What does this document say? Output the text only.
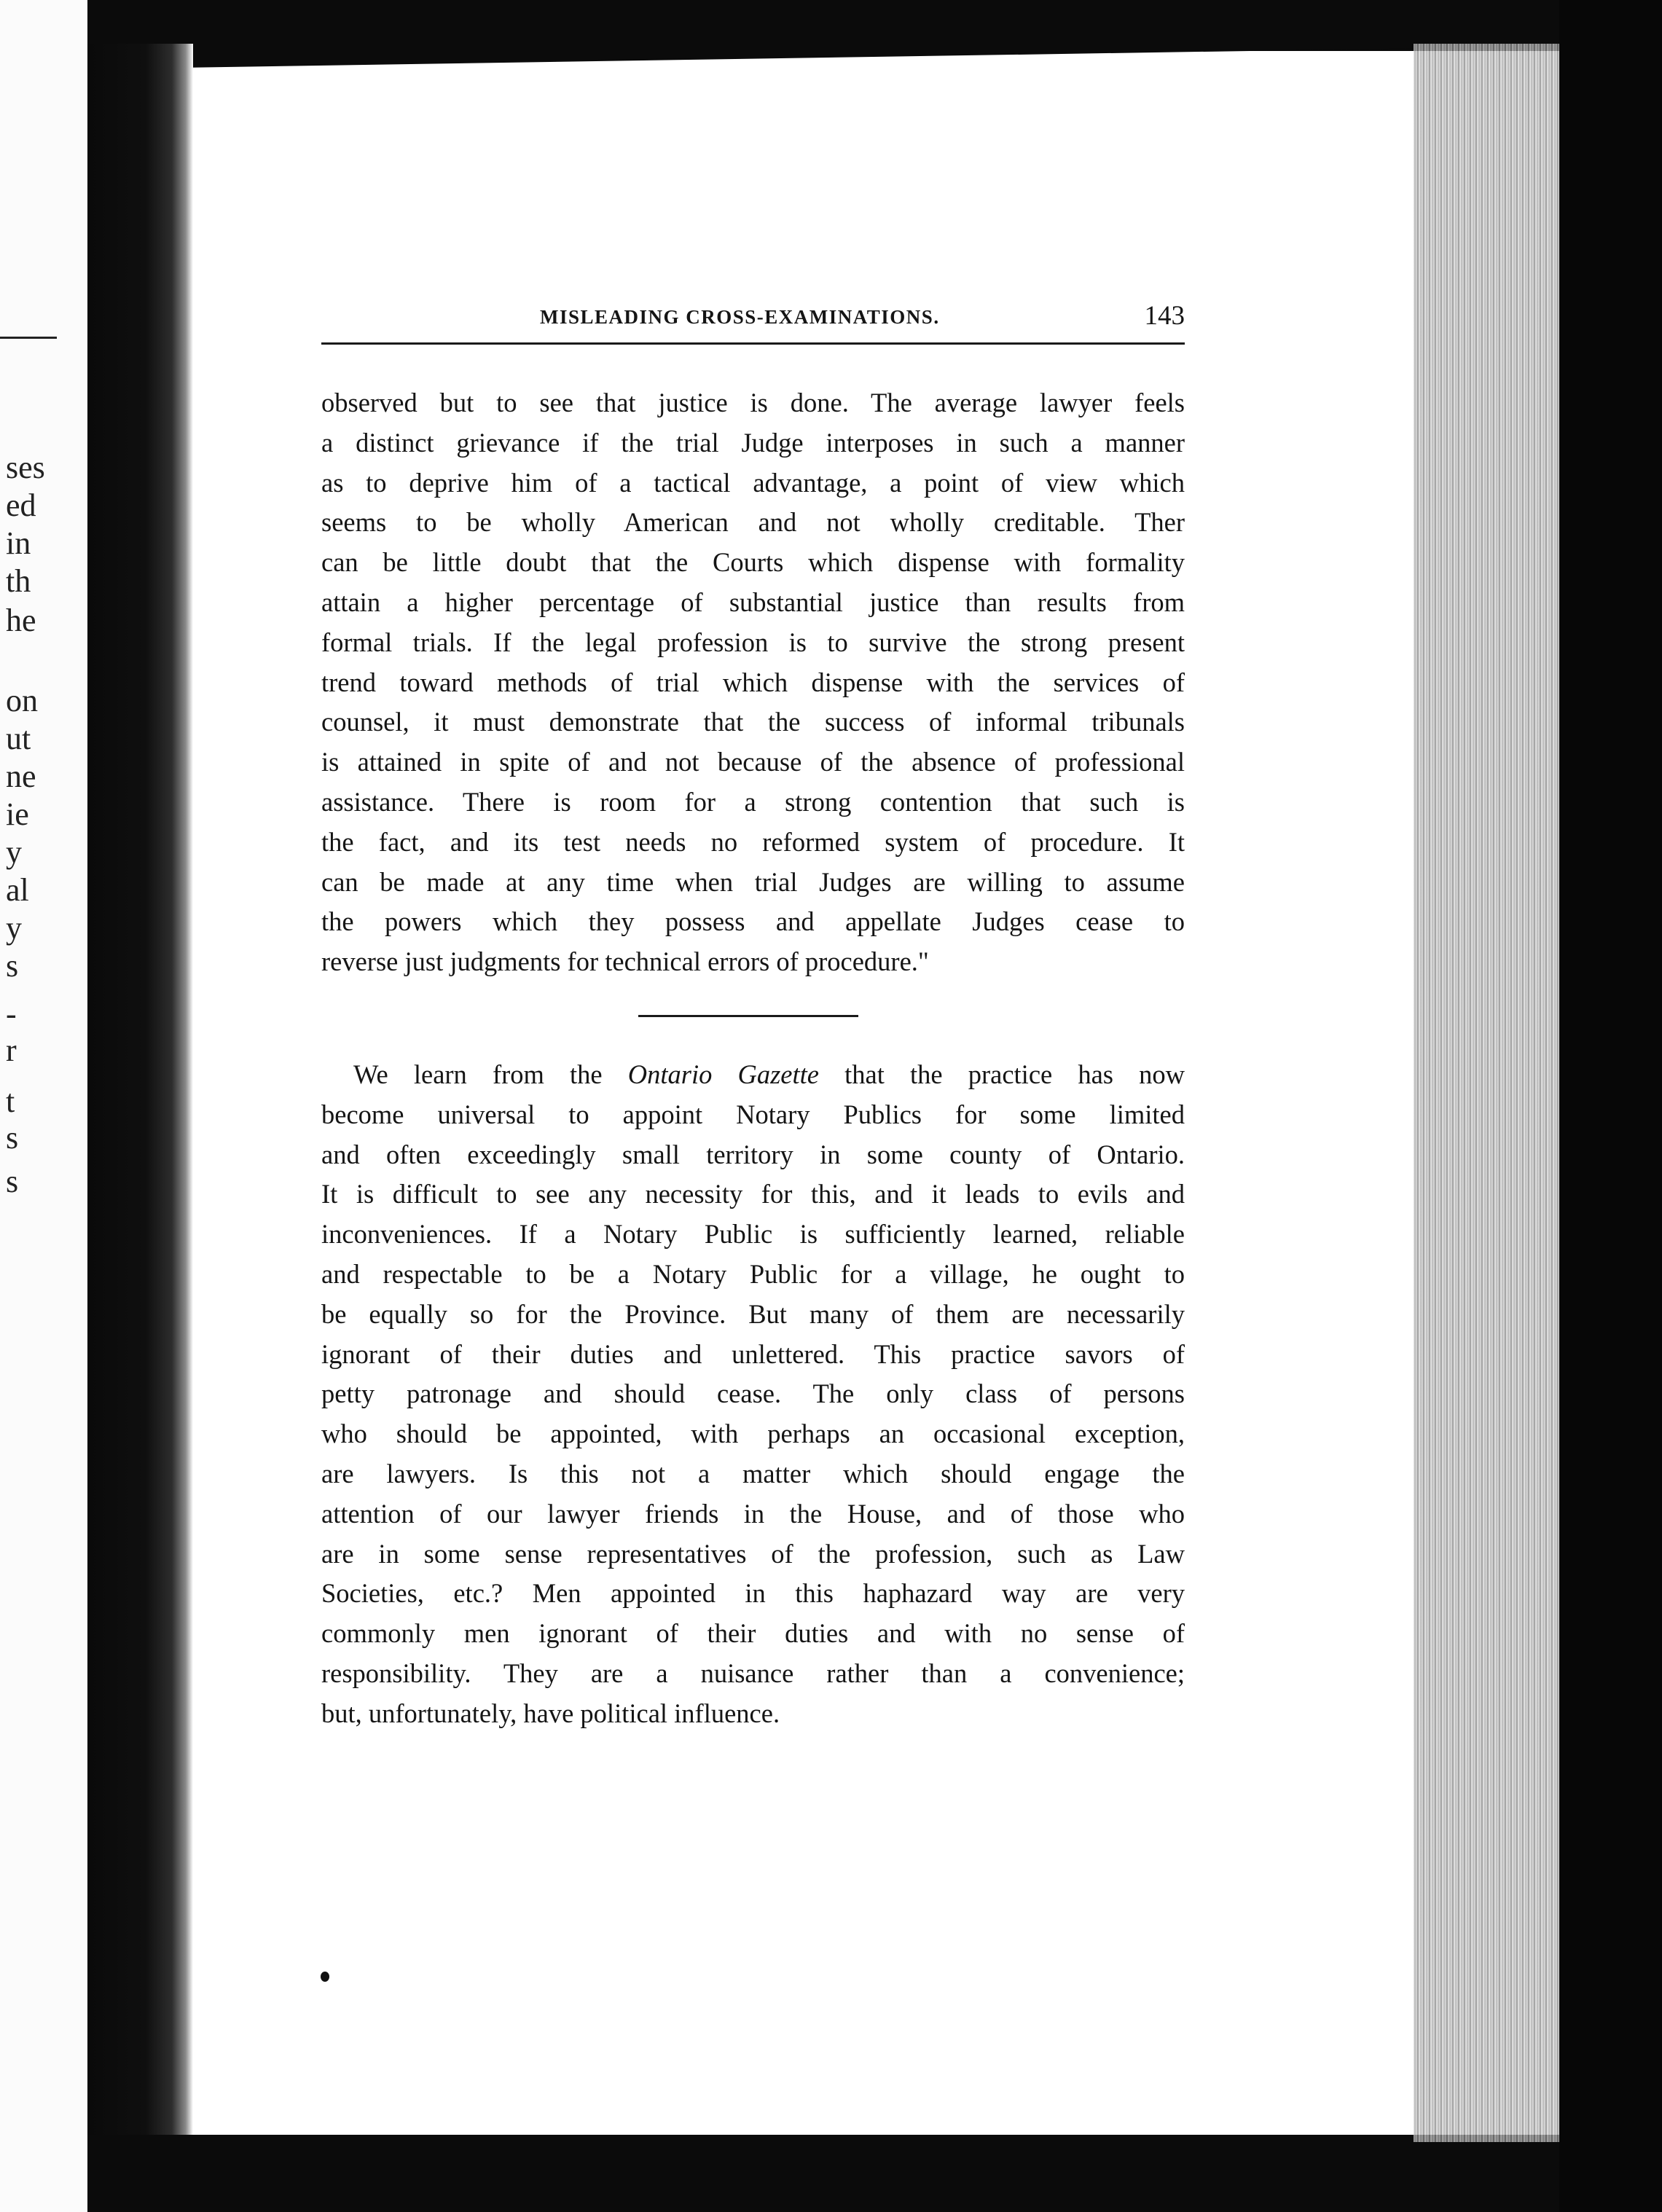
ses
ed
in
th
he
on
ut
ne
ie
y
al
y
s
-
r
t
s
s
MISLEADING CROSS-EXAMINATIONS.	143
observed but to see that justice is done. The average lawyer feels
a distinct grievance if the trial Judge interposes in such a manner
as to deprive him of a tactical advantage, a point of view which
seems to be wholly American and not wholly creditable. Ther
can be little doubt that the Courts which dispense with formality
attain a higher percentage of substantial justice than results from
formal trials. If the legal profession is to survive the strong present
trend toward methods of trial which dispense with the services of
counsel, it must demonstrate that the success of informal tribunals
is attained in spite of and not because of the absence of professional
assistance. There is room for a strong contention that such is
the fact, and its test needs no reformed system of procedure. It
can be made at any time when trial Judges are willing to assume
the powers which they possess and appellate Judges cease to
reverse just judgments for technical errors of procedure."
We learn from the Ontario Gazette that the practice has now
become universal to appoint Notary Publics for some limited
and often exceedingly small territory in some county of Ontario.
It is difficult to see any necessity for this, and it leads to evils and
inconveniences. If a Notary Public is sufficiently learned, reliable
and respectable to be a Notary Public for a village, he ought to
be equally so for the Province. But many of them are necessarily
ignorant of their duties and unlettered. This practice savors of
petty patronage and should cease. The only class of persons
who should be appointed, with perhaps an occasional exception,
are lawyers. Is this not a matter which should engage the
attention of our lawyer friends in the House, and of those who
are in some sense representatives of the profession, such as Law
Societies, etc.? Men appointed in this haphazard way are very
commonly men ignorant of their duties and with no sense of
responsibility. They are a nuisance rather than a convenience;
but, unfortunately, have political influence.
